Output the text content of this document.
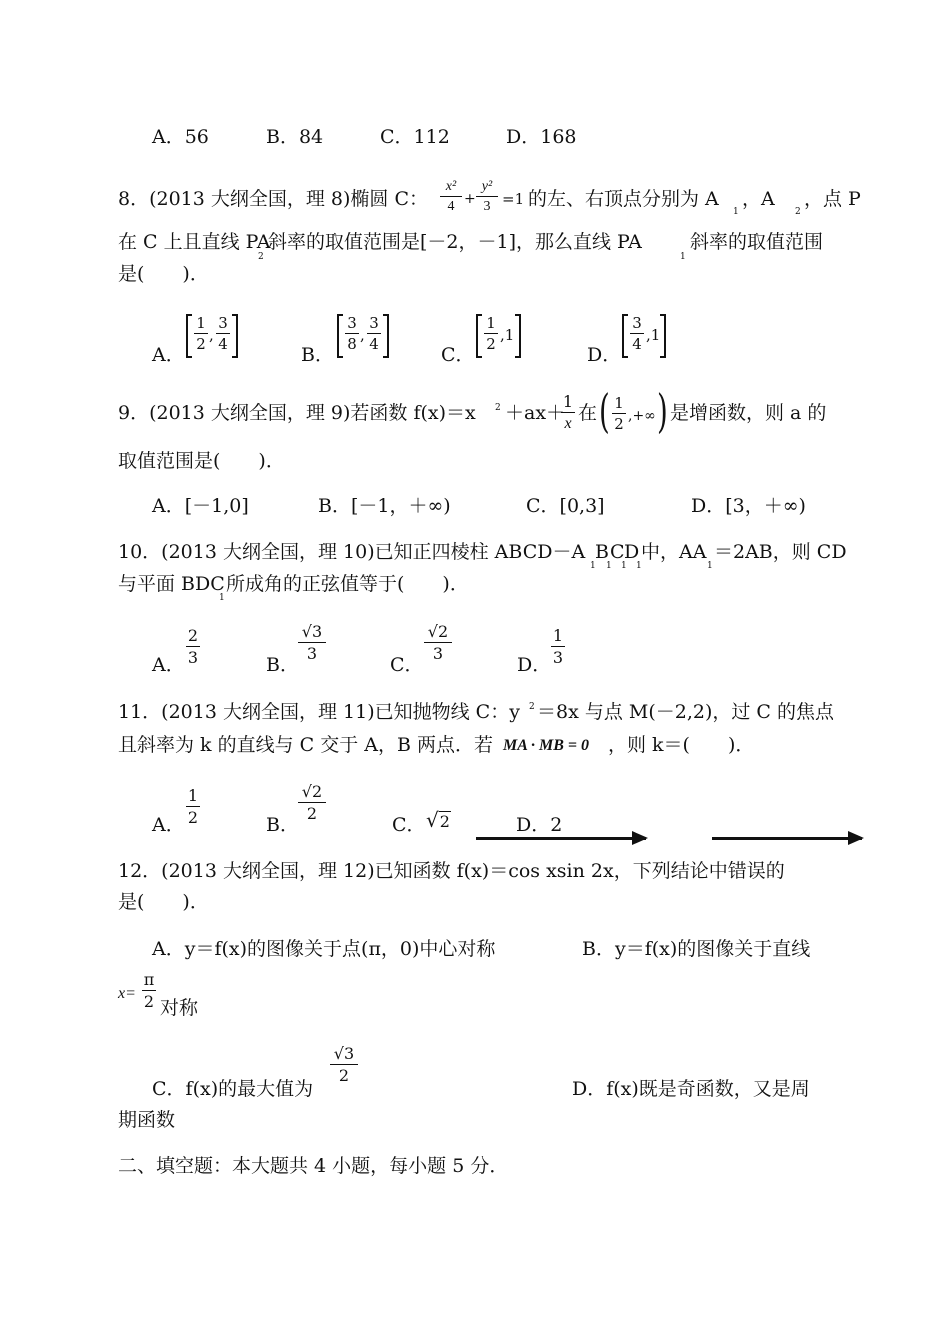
A．56	B．84	C．112	D．168
8．(2013 大纲全国，理 8)椭圆 C：
x²
4 +
y²
3 =1 的左、右顶点分别为 A
1
，A
2
，点 P
在 C 上且直线 PA
2
斜率的取值范围是[－2，－1]，那么直线 PA
1
斜率的取值范围
是(　　)．
A．
1
2 ,
3
4	B．
3
8 ,
3
4	C．
1
2 ,1
D．
3
4 ,1
9．(2013 大纲全国，理 9)若函数 f(x)＝x 2 ＋ax＋
1
x 在 ( 1
2 ,+∞ ) 是增函数，则 a 的
取值范围是(　　)．
A．[－1,0]	B．[－1，＋∞)	C．[0,3]	D．[3，＋∞)
10．(2013 大纲全国，理 10)已知正四棱柱 ABCD－A
1
B
1
C
1
D
1
中，AA
1
＝2AB，则 CD
与平面 BDC
1
所成角的正弦值等于(　　)．
A．
2
3	B．
√3
3
C．
√2
3
D．
1
3
11．(2013 大纲全国，理 11)已知抛物线 C：y 2 ＝8x 与点 M(－2,2)，过 C 的焦点
且斜率为 k 的直线与 C 交于 A，B 两点．若 MA · MB = 0 ，则 k＝(　　)．
A．
1
2	B．
√2
2
C． √2	D．2
12．(2013 大纲全国，理 12)已知函数 f(x)＝cos xsin 2x，下列结论中错误的
是(　　)．
A．y＝f(x)的图像关于点(π，0)中心对称	B．y＝f(x)的图像关于直线
x=
π
2 对称
C．f(x)的最大值为
√3
2
D．f(x)既是奇函数，又是周
期函数
二、填空题：本大题共 4 小题，每小题 5 分．
